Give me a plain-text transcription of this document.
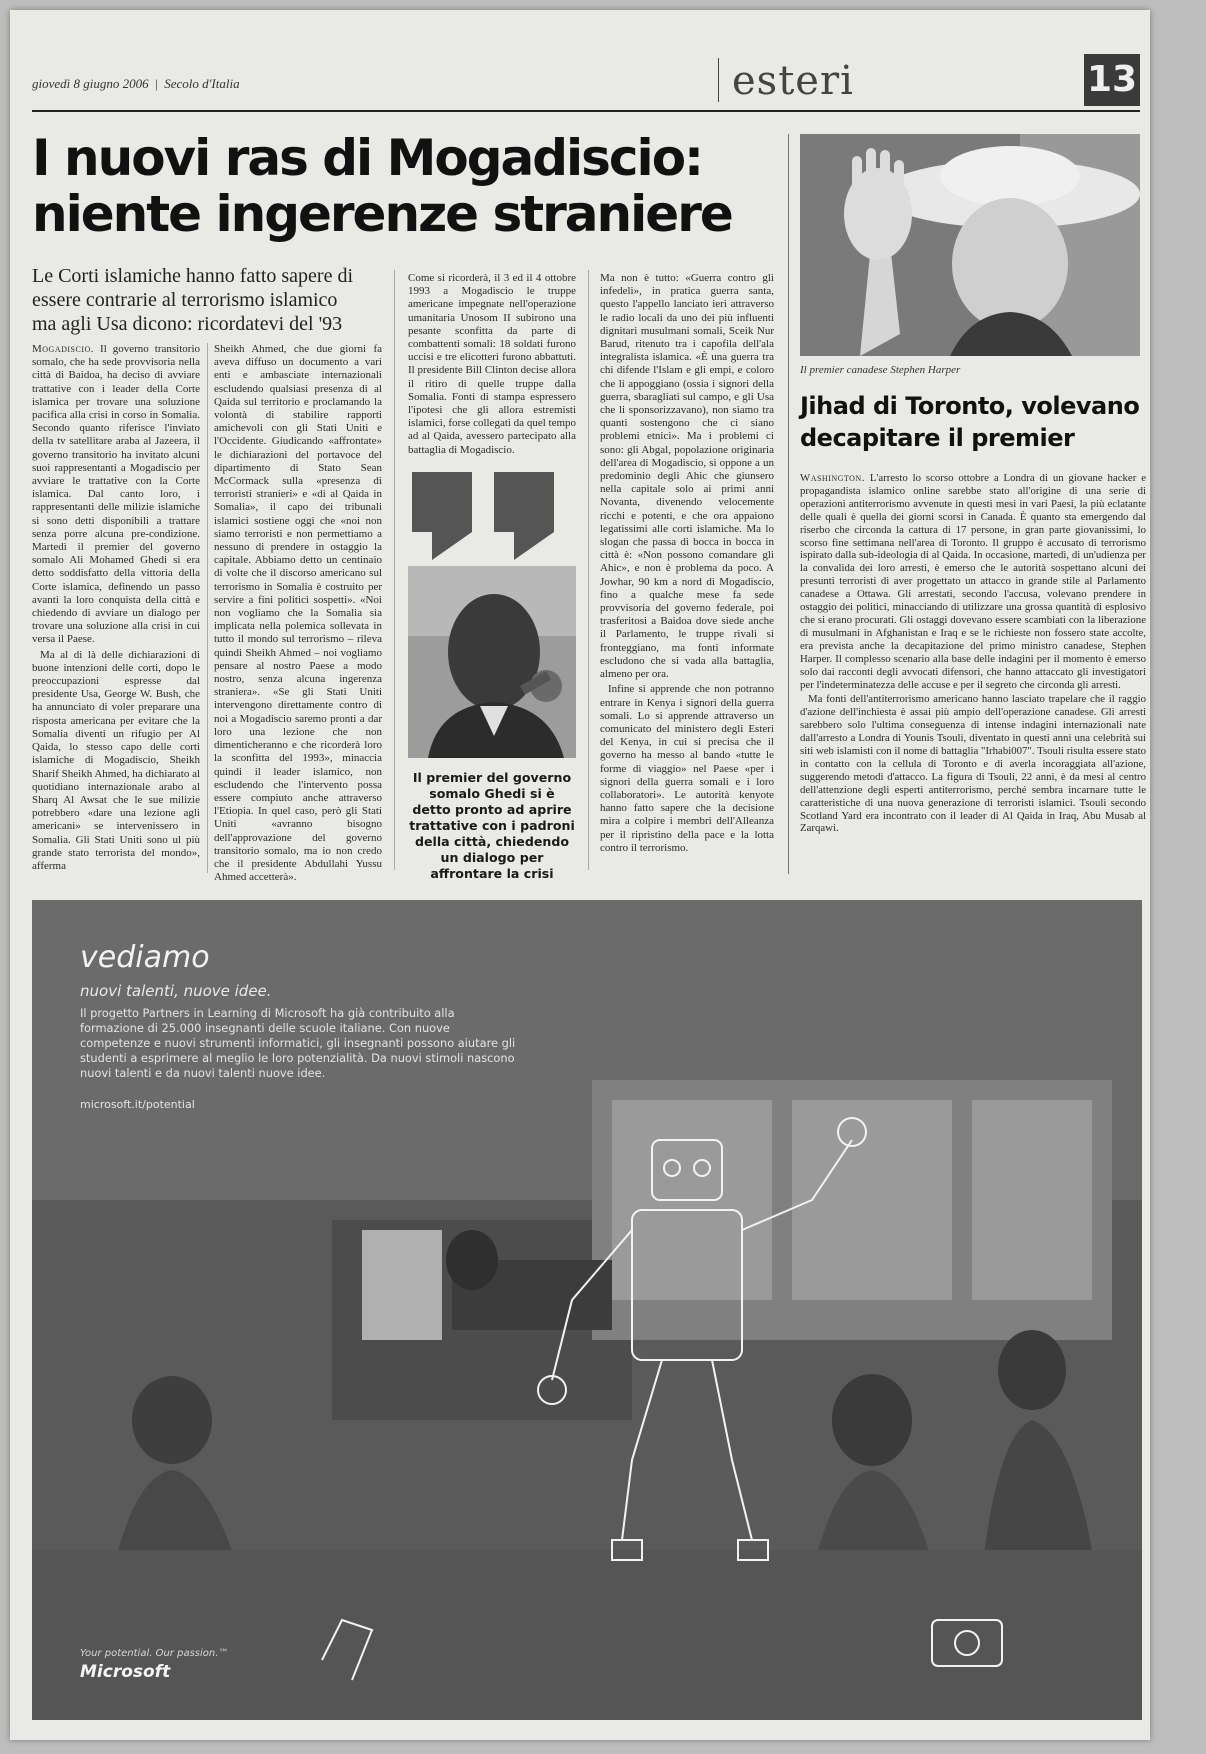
giovedì 8 giugno 2006 | Secolo d'Italia	esteri	13
I nuovi ras di Mogadiscio:
niente ingerenze straniere
Le Corti islamiche hanno fatto sapere di essere contrarie al terrorismo islamico ma agli Usa dicono: ricordatevi del '93

Mogadiscio. Il governo transitorio somalo, che ha sede provvisoria nella città di Baidoa, ha deciso di avviare trattative con i leader della Corte islamica per trovare una soluzione pacifica alla crisi in corso in Somalia. Secondo quanto riferisce l'inviato della tv satellitare araba al Jazeera, il governo transitorio ha invitato alcuni suoi rappresentanti a Mogadiscio per avviare le trattative con la Corte islamica. Dal canto loro, i rappresentanti delle milizie islamiche si sono detti disponibili a trattare senza porre alcuna pre-condizione. Martedì il premier del governo somalo Ali Mohamed Ghedi si era detto soddisfatto della vittoria della Corte islamica, definendo un passo avanti la loro conquista della città e chiedendo di avviare un dialogo per trovare una soluzione alla crisi in cui versa il Paese.

Ma al di là delle dichiarazioni di buone intenzioni delle corti, dopo le preoccupazioni espresse dal presidente Usa, George W. Bush, che ha annunciato di voler preparare una risposta americana per evitare che la Somalia diventi un rifugio per Al Qaida, lo stesso capo delle corti islamiche di Mogadiscio, Sheikh Sharif Sheikh Ahmed, ha dichiarato al quotidiano internazionale arabo al Sharq Al Awsat che le sue milizie potrebbero «dare una lezione agli americani» se intervenissero in Somalia. Gli Stati Uniti sono ul più grande stato terrorista del mondo», afferma

Sheikh Ahmed, che due giorni fa aveva diffuso un documento a vari enti e ambasciate internazionali escludendo qualsiasi presenza di al Qaida sul territorio e proclamando la volontà di stabilire rapporti amichevoli con gli Stati Uniti e l'Occidente. Giudicando «affrontate» le dichiarazioni del portavoce del dipartimento di Stato Sean McCormack sulla «presenza di terroristi stranieri» e «di al Qaida in Somalia», il capo dei tribunali islamici sostiene oggi che «noi non siamo terroristi e non permettiamo a nessuno di prendere in ostaggio la capitale. Abbiamo detto un centinaio di volte che il discorso americano sul terrorismo in Somalia è costruito per servire a fini politici sospetti». «Noi non vogliamo che la Somalia sia implicata nella polemica sollevata in tutto il mondo sul terrorismo – rileva quindi Sheikh Ahmed – noi vogliamo pensare al nostro Paese a modo nostro, senza alcuna ingerenza straniera». «Se gli Stati Uniti intervengono direttamente contro di noi a Mogadiscio saremo pronti a dar loro una lezione che non dimenticheranno e che ricorderà loro la sconfitta del 1993», minaccia quindi il leader islamico, non escludendo che l'intervento possa essere compiuto anche attraverso l'Etiopia. In quel caso, però gli Stati Uniti «avranno bisogno dell'approvazione del governo transitorio somalo, ma io non credo che il presidente Abdullahi Yussu Ahmed accetterà».

Come si ricorderà, il 3 ed il 4 ottobre 1993 a Mogadiscio le truppe americane impegnate nell'operazione umanitaria Unosom II subirono una pesante sconfitta da parte di combattenti somali: 18 soldati furono uccisi e tre elicotteri furono abbattuti. Il presidente Bill Clinton decise allora il ritiro di quelle truppe dalla Somalia. Fonti di stampa espressero l'ipotesi che gli allora estremisti islamici, forse collegati da quel tempo ad al Qaida, avessero partecipato alla battaglia di Mogadiscio.

Il premier del governo somalo Ghedi si è detto pronto ad aprire trattative con i padroni della città, chiedendo un dialogo per affrontare la crisi

Ma non è tutto: «Guerra contro gli infedeli», in pratica guerra santa, questo l'appello lanciato ieri attraverso le radio locali da uno dei più influenti dignitari musulmani somali, Sceik Nur Barud, ritenuto tra i capofila dell'ala integralista islamica. «È una guerra tra chi difende l'Islam e gli empi, e coloro che li appoggiano (ossia i signori della guerra, sbaragliati sul campo, e gli Usa che li sponsorizzavano), non siamo tra quanti sostengono che ci siano problemi etnici». Ma i problemi ci sono: gli Abgal, popolazione originaria dell'area di Mogadiscio, si oppone a un predominio degli Ahic che giunsero nella capitale solo ai primi anni Novanta, divenendo velocemente ricchi e potenti, e che ora appaiono legatissimi alle corti islamiche. Ma lo slogan che passa di bocca in bocca in città è: «Non possono comandare gli Ahic», e non è problema da poco. A Jowhar, 90 km a nord di Mogadiscio, fino a qualche mese fa sede provvisoria del governo federale, poi trasferitosi a Baidoa dove siede anche il Parlamento, le truppe rivali si fronteggiano, ma fonti informate escludono che si vada alla battaglia, almeno per ora.

Infine si apprende che non potranno entrare in Kenya i signori della guerra somali. Lo si apprende attraverso un comunicato del ministero degli Esteri del Kenya, in cui si precisa che il governo ha messo al bando «tutte le forme di viaggio» nel Paese «per i signori della guerra somali e i loro collaboratori». Le autorità kenyote hanno fatto sapere che la decisione mira a colpire i membri dell'Alleanza per il ripristino della pace e la lotta contro il terrorismo.

Il premier canadese Stephen Harper
Jihad di Toronto, volevano
decapitare il premier

Washington. L'arresto lo scorso ottobre a Londra di un giovane hacker e propagandista islamico online sarebbe stato all'origine di una serie di operazioni antiterrorismo avvenute in questi mesi in vari Paesi, la più eclatante delle quali è quella dei giorni scorsi in Canada. È quanto sta emergendo dal riserbo che circonda la cattura di 17 persone, in gran parte giovanissimi, lo scorso fine settimana nell'area di Toronto. Il gruppo è accusato di terrorismo ispirato dalla sub-ideologia di al Qaida. In occasione, martedì, di un'udienza per la convalida dei loro arresti, è emerso che le autorità sospettano alcuni dei presunti terroristi di aver progettato un attacco in grande stile al Parlamento canadese a Ottawa. Gli arrestati, secondo l'accusa, volevano prendere in ostaggio dei politici, minacciando di utilizzare una grossa quantità di esplosivo che si erano procurati. Gli ostaggi dovevano essere scambiati con la liberazione di musulmani in Afghanistan e Iraq e se le richieste non fossero state accolte, era prevista anche la decapitazione del primo ministro canadese, Stephen Harper. Il complesso scenario alla base delle indagini per il momento è emerso solo dai racconti degli avvocati difensori, che hanno attaccato gli investigatori per l'indeterminatezza delle accuse e per il segreto che circonda gli arresti.

Ma fonti dell'antiterrorismo americano hanno lasciato trapelare che il raggio d'azione dell'inchiesta è assai più ampio dell'operazione canadese. Gli arresti sarebbero solo l'ultima conseguenza di intense indagini internazionali nate dall'arresto a Londra di Younis Tsouli, diventato in questi anni una celebrità sui siti web islamisti con il nome di battaglia "Irhabi007". Tsouli risulta essere stato in contatto con la cellula di Toronto e di averla incoraggiata all'azione, suggerendo metodi d'attacco. La figura di Tsouli, 22 anni, è da mesi al centro dell'attenzione degli esperti antiterrorismo, perché sembra incarnare tutte le caratteristiche di una nuova generazione di terroristi islamici. Tsouli secondo Scotland Yard era incontrato con il leader di Al Qaida in Iraq, Abu Musab al Zarqawi.

vediamo
nuovi talenti, nuove idee.
Il progetto Partners in Learning di Microsoft ha già contribuito alla formazione di 25.000 insegnanti delle scuole italiane. Con nuove competenze e nuovi strumenti informatici, gli insegnanti possono aiutare gli studenti a esprimere al meglio le loro potenzialità. Da nuovi stimoli nascono nuovi talenti e da nuovi talenti nuove idee.
microsoft.it/potential
Your potential. Our passion.™
Microsoft
